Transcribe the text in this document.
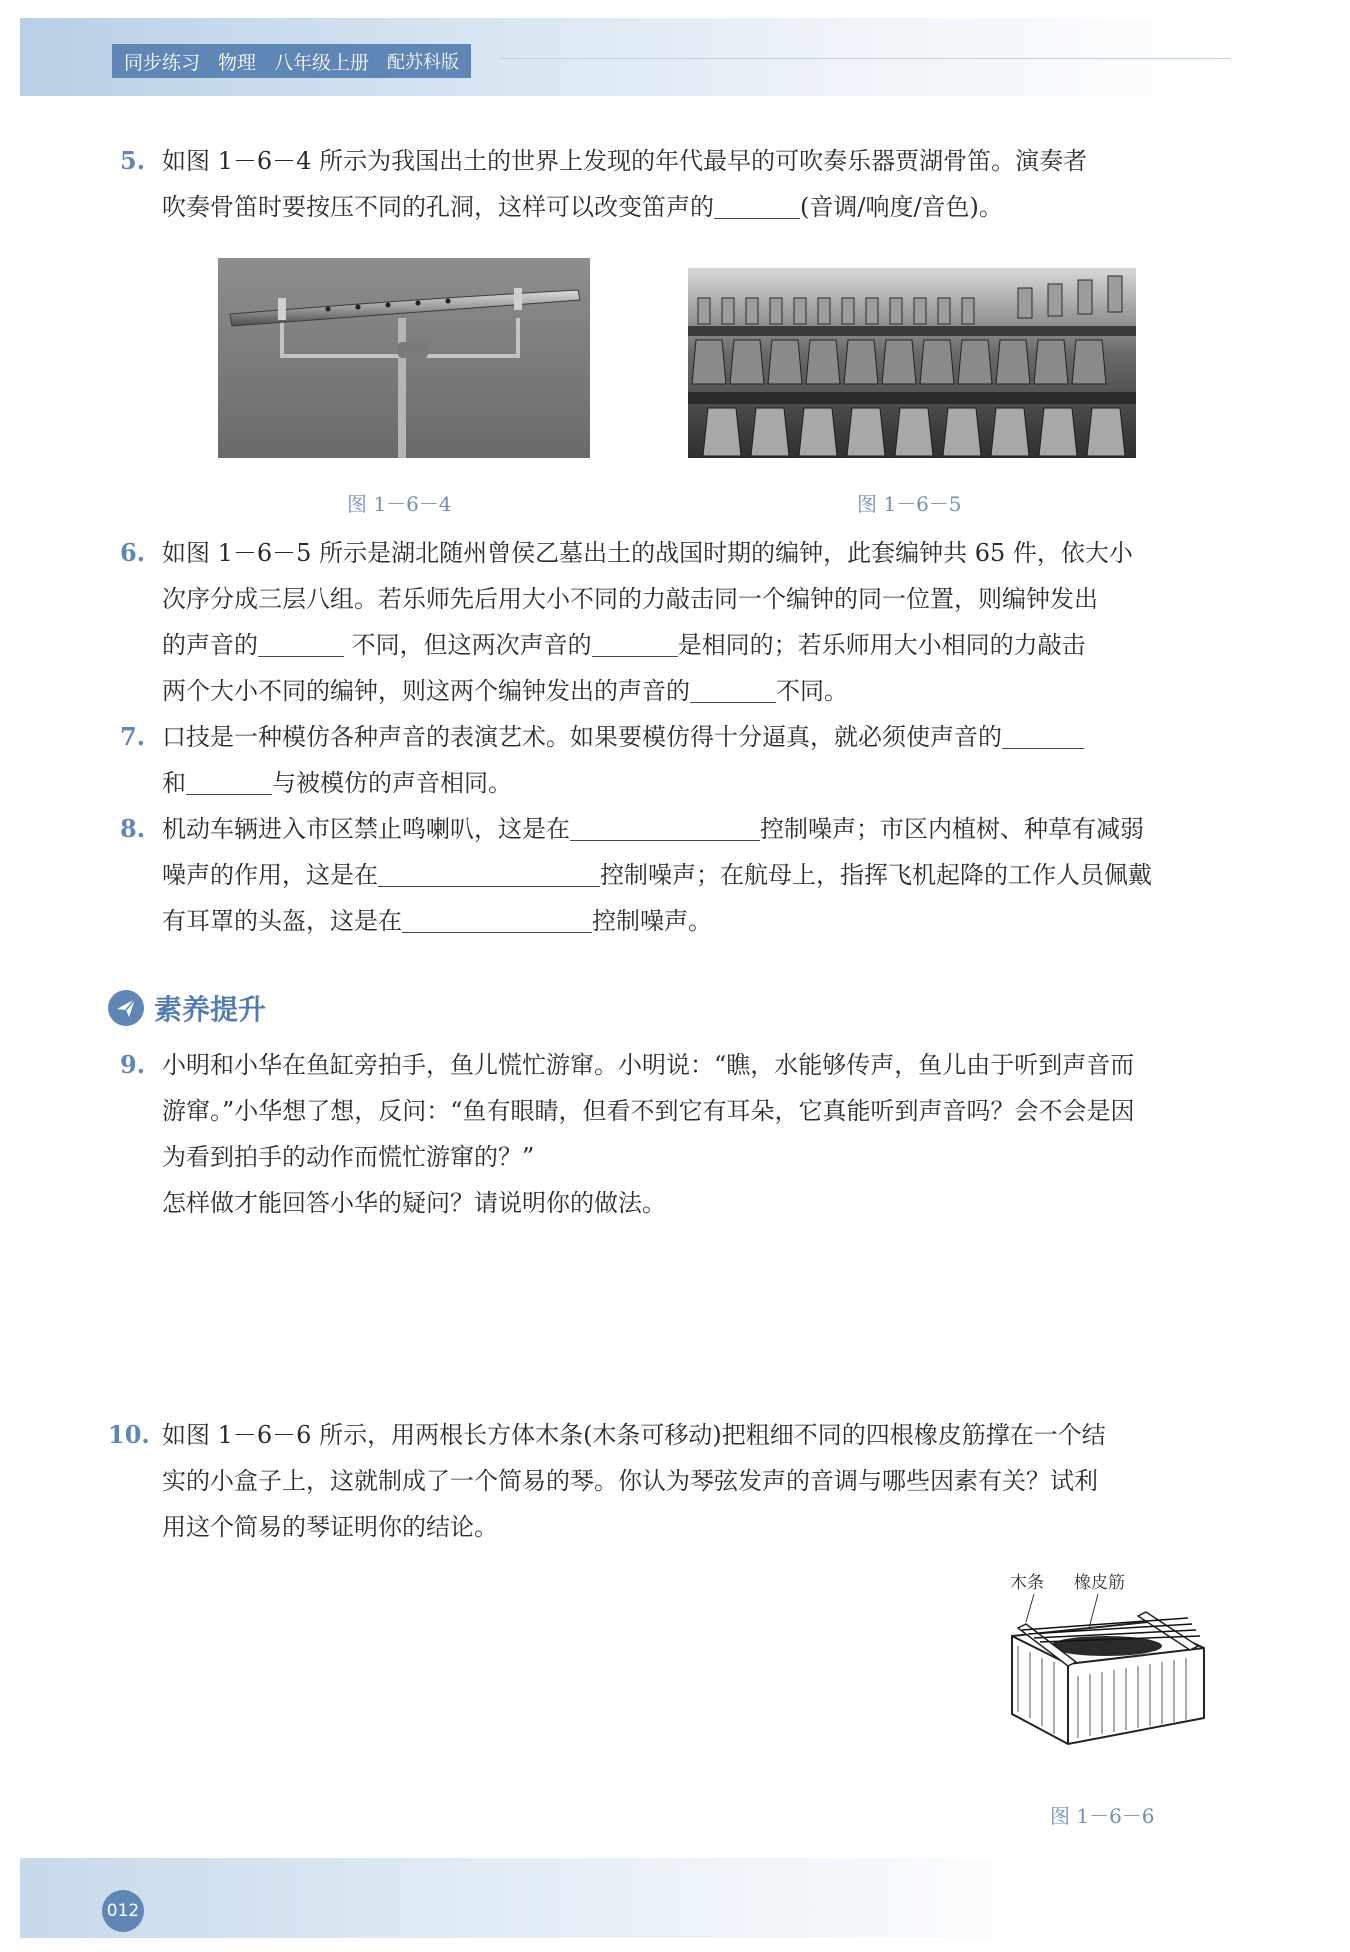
同步练习 物理 八年级上册 配苏科版
5. 如图 1－6－4 所示为我国出土的世界上发现的年代最早的可吹奏乐器贾湖骨笛。演奏者

吹奏骨笛时要按压不同的孔洞，这样可以改变笛声的	(音调/响度/音色)。

图 1－6－4	图 1－6－5
6. 如图 1－6－5 所示是湖北随州曾侯乙墓出土的战国时期的编钟，此套编钟共 65 件，依大小

次序分成三层八组。若乐师先后用大小不同的力敲击同一个编钟的同一位置，则编钟发出

的声音的	不同，但这两次声音的	是相同的；若乐师用大小相同的力敲击

两个大小不同的编钟，则这两个编钟发出的声音的	不同。

7. 口技是一种模仿各种声音的表演艺术。如果要模仿得十分逼真，就必须使声音的

和	与被模仿的声音相同。

8. 机动车辆进入市区禁止鸣喇叭，这是在	控制噪声；市区内植树、种草有减弱

噪声的作用，这是在	控制噪声；在航母上，指挥飞机起降的工作人员佩戴

有耳罩的头盔，这是在	控制噪声。

素养提升
9. 小明和小华在鱼缸旁拍手，鱼儿慌忙游窜。小明说：“瞧，水能够传声，鱼儿由于听到声音而

游窜。”小华想了想，反问：“鱼有眼睛，但看不到它有耳朵，它真能听到声音吗？会不会是因

为看到拍手的动作而慌忙游窜的？”

怎样做才能回答小华的疑问？请说明你的做法。

10. 如图 1－6－6 所示，用两根长方体木条(木条可移动)把粗细不同的四根橡皮筋撑在一个结

实的小盒子上，这就制成了一个简易的琴。你认为琴弦发声的音调与哪些因素有关？试利

用这个简易的琴证明你的结论。

木条 橡皮筋
图 1－6－6
012
